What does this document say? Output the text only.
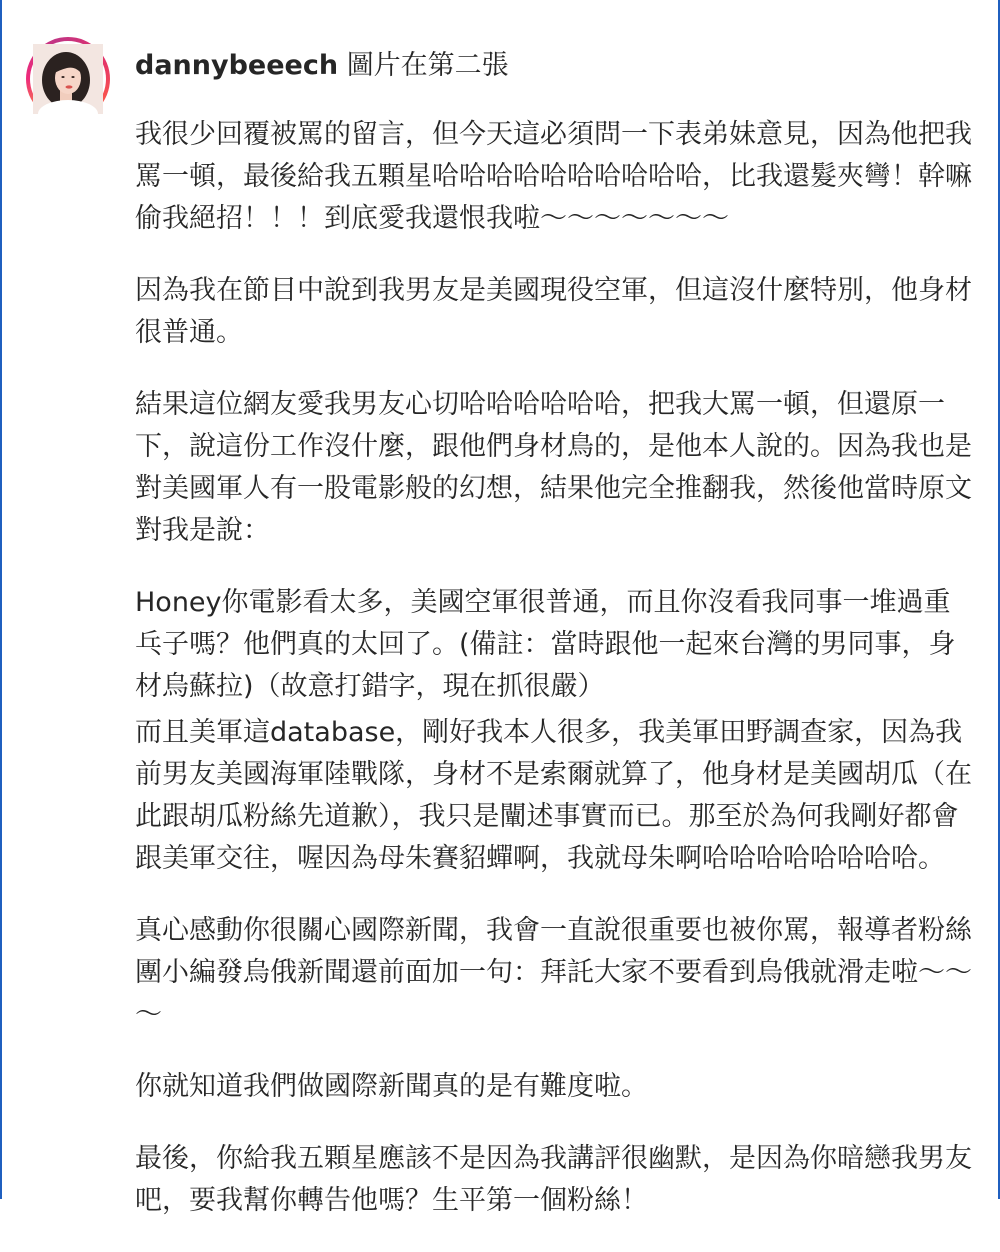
dannybeeech 圖片在第二張

我很少回覆被罵的留言，但今天這必須問一下表弟妹意見，因為他把我罵一頓，最後給我五顆星哈哈哈哈哈哈哈哈哈哈，比我還髮夾彎！幹嘛偷我絕招！！！到底愛我還恨我啦～～～～～～～

因為我在節目中說到我男友是美國現役空軍，但這沒什麼特別，他身材 很普通。

結果這位網友愛我男友心切哈哈哈哈哈哈，把我大罵一頓，但還原一下，說這份工作沒什麼，跟他們身材鳥的，是他本人說的。因為我也是對美國軍人有一股電影般的幻想，結果他完全推翻我，然後他當時原文對我是說：

Honey你電影看太多，美國空軍很普通，而且你沒看我同事一堆過重乓子嗎？他們真的太回了。(備註：當時跟他一起來台灣的男同事，身材烏蘇拉)（故意打錯字，現在抓很嚴）

而且美軍這database，剛好我本人很多，我美軍田野調查家，因為我前男友美國海軍陸戰隊，身材不是索爾就算了，他身材是美國胡瓜（在此跟胡瓜粉絲先道歉），我只是闡述事實而已。那至於為何我剛好都會跟美軍交往，喔因為母朱賽貂蟬啊，我就母朱啊哈哈哈哈哈哈哈哈。

真心感動你很關心國際新聞，我會一直說很重要也被你罵，報導者粉絲團小編發烏俄新聞還前面加一句：拜託大家不要看到烏俄就滑走啦～～～

你就知道我們做國際新聞真的是有難度啦。

最後，你給我五顆星應該不是因為我講評很幽默，是因為你暗戀我男友吧，要我幫你轉告他嗎？生平第一個粉絲！
